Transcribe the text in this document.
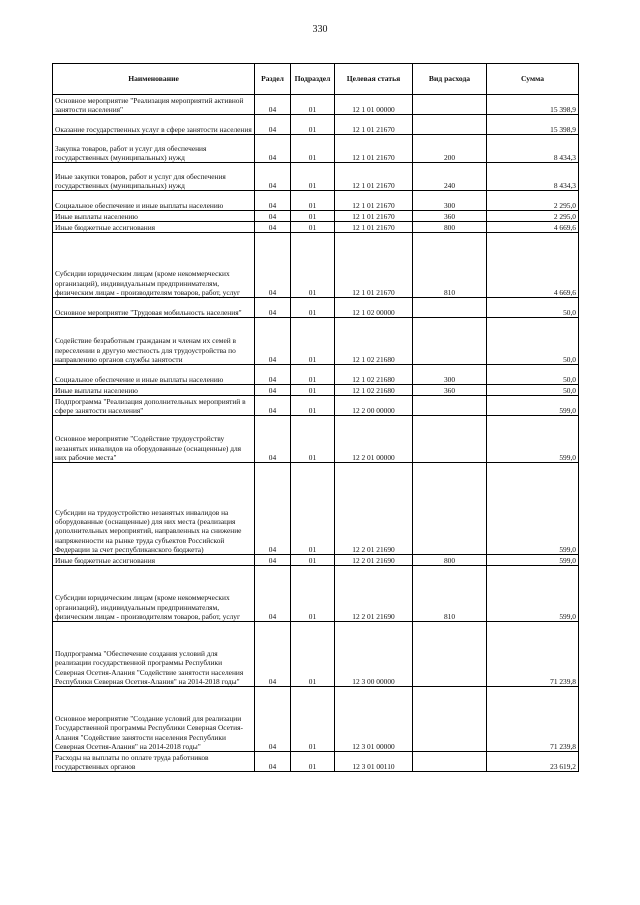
330
Наименование	Раздел	Подраздел	Целевая статья	Вид расхода	Сумма
Основное мероприятие "Реализация мероприятий активной занятости населения"	04	01	12 1 01 00000		15 398,9
Оказание государственных услуг в сфере занятости населения	04	01	12 1 01 21670		15 398,9
Закупка товаров, работ и услуг для обеспечения государственных (муниципальных) нужд	04	01	12 1 01 21670	200	8 434,3
Иные закупки товаров, работ и услуг для обеспечения государственных (муниципальных) нужд	04	01	12 1 01 21670	240	8 434,3
Социальное обеспечение и иные выплаты населению	04	01	12 1 01 21670	300	2 295,0
Иные выплаты населению	04	01	12 1 01 21670	360	2 295,0
Иные бюджетные ассигнования	04	01	12 1 01 21670	800	4 669,6
Субсидии юридическим лицам (кроме некоммерческих организаций), индивидуальным предпринимателям, физическим лицам - производителям товаров, работ, услуг	04	01	12 1 01 21670	810	4 669,6
Основное мероприятие "Трудовая мобильность населения"	04	01	12 1 02 00000		50,0
Содействие безработным гражданам и членам их семей в переселении в другую местность для трудоустройства по направлению органов службы занятости	04	01	12 1 02 21680		50,0
Социальное обеспечение и иные выплаты населению	04	01	12 1 02 21680	300	50,0
Иные выплаты населению	04	01	12 1 02 21680	360	50,0
Подпрограмма "Реализация дополнительных мероприятий в сфере занятости населения"	04	01	12 2 00 00000		599,0
Основное мероприятие "Содействие трудоустройству незанятых инвалидов на оборудованные (оснащенные) для них рабочие места"	04	01	12 2 01 00000		599,0
Субсидии на трудоустройство незанятых инвалидов на оборудованные (оснащенные) для них места (реализация дополнительных мероприятий, направленных на снижение напряженности на рынке труда субъектов Российской Федерации за счет республиканского бюджета)	04	01	12 2 01 21690		599,0
Иные бюджетные ассигнования	04	01	12 2 01 21690	800	599,0
Субсидии юридическим лицам (кроме некоммерческих организаций), индивидуальным предпринимателям, физическим лицам - производителям товаров, работ, услуг	04	01	12 2 01 21690	810	599,0
Подпрограмма "Обеспечение создания условий для реализации государственной программы Республики Северная Осетия-Алания "Содействие занятости населения Республики Северная Осетия-Алания" на 2014-2018 годы"	04	01	12 3 00 00000		71 239,8
Основное мероприятие "Создание условий для реализации Государственной программы Республики Северная Осетия-Алания "Содействие занятости населения Республики Северная Осетия-Алания" на 2014-2018 годы"	04	01	12 3 01 00000		71 239,8
Расходы на выплаты по оплате труда работников государственных органов	04	01	12 3 01 00110		23 619,2
